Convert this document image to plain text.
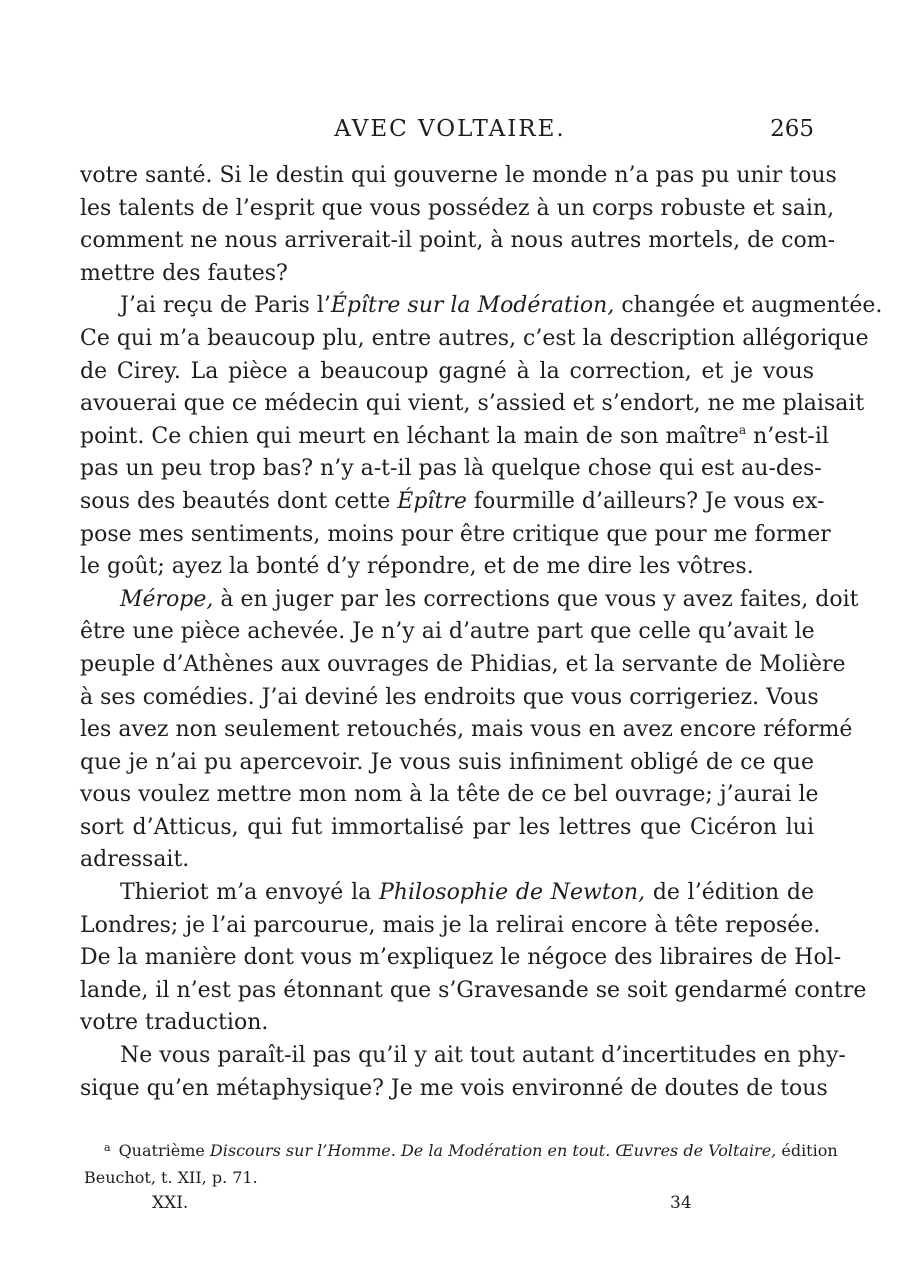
AVEC VOLTAIRE.	265

votre santé. Si le destin qui gouverne le monde n’a pas pu unir tous
les talents de l’esprit que vous possédez à un corps robuste et sain,
comment ne nous arriverait-il point, à nous autres mortels, de com-
mettre des fautes?

J’ai reçu de Paris l’Épître sur la Modération, changée et augmentée.
Ce qui m’a beaucoup plu, entre autres, c’est la description allégorique
de Cirey. La pièce a beaucoup gagné à la correction, et je vous
avouerai que ce médecin qui vient, s’assied et s’endort, ne me plaisait
point. Ce chien qui meurt en léchant la main de son maître$^a$ n’est-il
pas un peu trop bas? n’y a-t-il pas là quelque chose qui est au-des-
sous des beautés dont cette Épître fourmille d’ailleurs? Je vous ex-
pose mes sentiments, moins pour être critique que pour me former
le goût; ayez la bonté d’y répondre, et de me dire les vôtres.

Mérope, à en juger par les corrections que vous y avez faites, doit
être une pièce achevée. Je n’y ai d’autre part que celle qu’avait le
peuple d’Athènes aux ouvrages de Phidias, et la servante de Molière
à ses comédies. J’ai deviné les endroits que vous corrigeriez. Vous
les avez non seulement retouchés, mais vous en avez encore réformé
que je n’ai pu apercevoir. Je vous suis infiniment obligé de ce que
vous voulez mettre mon nom à la tête de ce bel ouvrage; j’aurai le
sort d’Atticus, qui fut immortalisé par les lettres que Cicéron lui
adressait.

Thieriot m’a envoyé la Philosophie de Newton, de l’édition de
Londres; je l’ai parcourue, mais je la relirai encore à tête reposée.
De la manière dont vous m’expliquez le négoce des libraires de Hol-
lande, il n’est pas étonnant que s’Gravesande se soit gendarmé contre
votre traduction.

Ne vous paraît-il pas qu’il y ait tout autant d’incertitudes en phy-
sique qu’en métaphysique? Je me vois environné de doutes de tous

$^a$ Quatrième Discours sur l’Homme. De la Modération en tout. Œuvres de Voltaire, édition
Beuchot, t. XII, p. 71.
XXI.	34
